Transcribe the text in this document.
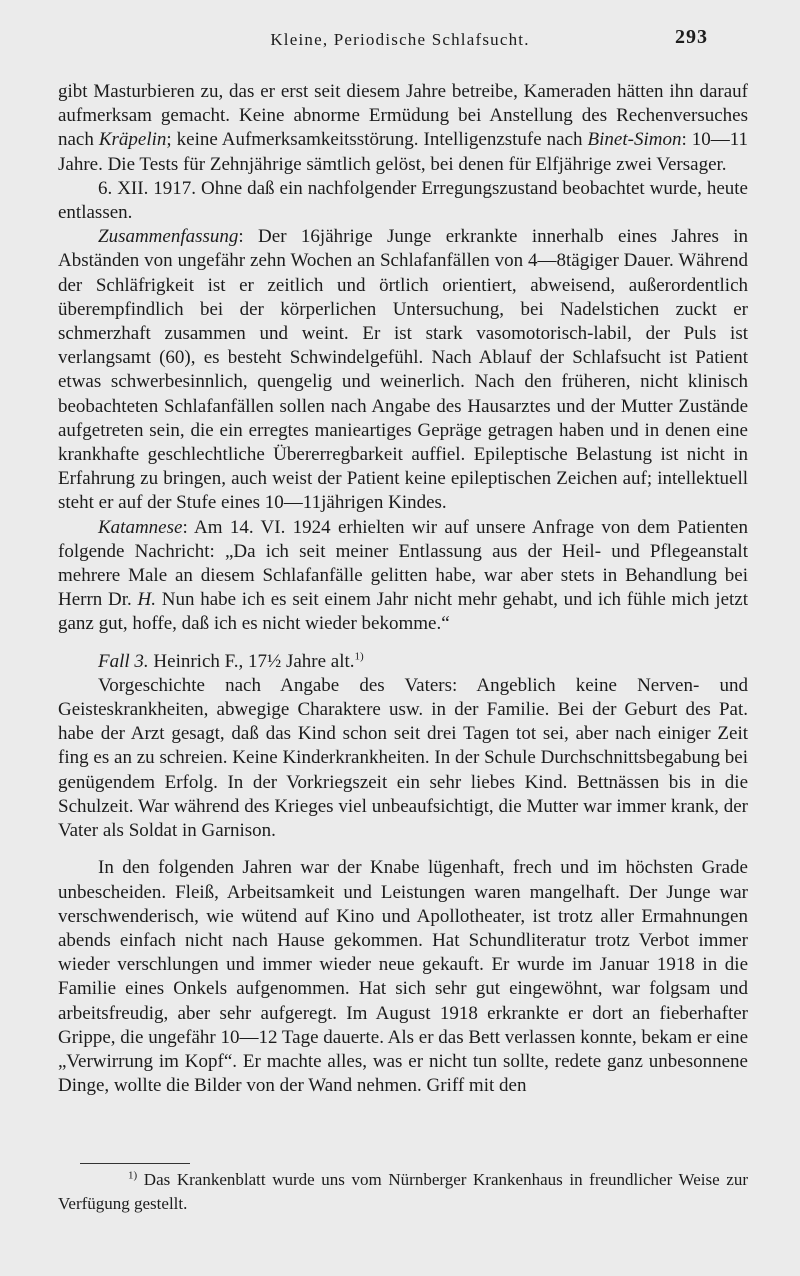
Kleine, Periodische Schlafsucht.	293

gibt Masturbieren zu, das er erst seit diesem Jahre betreibe, Kameraden hätten ihn darauf aufmerksam gemacht. Keine abnorme Ermüdung bei Anstellung des Rechenversuches nach Kräpelin; keine Aufmerksamkeitsstörung. Intelligenzstufe nach Binet-Simon: 10—11 Jahre. Die Tests für Zehnjährige sämtlich gelöst, bei denen für Elfjährige zwei Versager.

6. XII. 1917. Ohne daß ein nachfolgender Erregungszustand beobachtet wurde, heute entlassen.

Zusammenfassung: Der 16jährige Junge erkrankte innerhalb eines Jahres in Abständen von ungefähr zehn Wochen an Schlafanfällen von 4—8tägiger Dauer. Während der Schläfrigkeit ist er zeitlich und örtlich orientiert, abweisend, außerordentlich überempfindlich bei der körperlichen Untersuchung, bei Nadelstichen zuckt er schmerzhaft zusammen und weint. Er ist stark vasomotorisch-labil, der Puls ist verlangsamt (60), es besteht Schwindelgefühl. Nach Ablauf der Schlafsucht ist Patient etwas schwerbesinnlich, quengelig und weinerlich. Nach den früheren, nicht klinisch beobachteten Schlafanfällen sollen nach Angabe des Hausarztes und der Mutter Zustände aufgetreten sein, die ein erregtes manieartiges Gepräge getragen haben und in denen eine krankhafte geschlechtliche Übererregbarkeit auffiel. Epileptische Belastung ist nicht in Erfahrung zu bringen, auch weist der Patient keine epileptischen Zeichen auf; intellektuell steht er auf der Stufe eines 10—11jährigen Kindes.

Katamnese: Am 14. VI. 1924 erhielten wir auf unsere Anfrage von dem Patienten folgende Nachricht: „Da ich seit meiner Entlassung aus der Heil- und Pflegeanstalt mehrere Male an diesem Schlafanfälle gelitten habe, war aber stets in Behandlung bei Herrn Dr. H. Nun habe ich es seit einem Jahr nicht mehr gehabt, und ich fühle mich jetzt ganz gut, hoffe, daß ich es nicht wieder bekomme.“

Fall 3. Heinrich F., 17½ Jahre alt.$^{1)}$

Vorgeschichte nach Angabe des Vaters: Angeblich keine Nerven- und Geisteskrankheiten, abwegige Charaktere usw. in der Familie. Bei der Geburt des Pat. habe der Arzt gesagt, daß das Kind schon seit drei Tagen tot sei, aber nach einiger Zeit fing es an zu schreien. Keine Kinderkrankheiten. In der Schule Durchschnittsbegabung bei genügendem Erfolg. In der Vorkriegszeit ein sehr liebes Kind. Bettnässen bis in die Schulzeit. War während des Krieges viel unbeaufsichtigt, die Mutter war immer krank, der Vater als Soldat in Garnison.

In den folgenden Jahren war der Knabe lügenhaft, frech und im höchsten Grade unbescheiden. Fleiß, Arbeitsamkeit und Leistungen waren mangelhaft. Der Junge war verschwenderisch, wie wütend auf Kino und Apollotheater, ist trotz aller Ermahnungen abends einfach nicht nach Hause gekommen. Hat Schundliteratur trotz Verbot immer wieder verschlungen und immer wieder neue gekauft. Er wurde im Januar 1918 in die Familie eines Onkels aufgenommen. Hat sich sehr gut eingewöhnt, war folgsam und arbeitsfreudig, aber sehr aufgeregt. Im August 1918 erkrankte er dort an fieberhafter Grippe, die ungefähr 10—12 Tage dauerte. Als er das Bett verlassen konnte, bekam er eine „Verwirrung im Kopf“. Er machte alles, was er nicht tun sollte, redete ganz unbesonnene Dinge, wollte die Bilder von der Wand nehmen. Griff mit den

$^{1)}$ Das Krankenblatt wurde uns vom Nürnberger Krankenhaus in freundlicher Weise zur Verfügung gestellt.
